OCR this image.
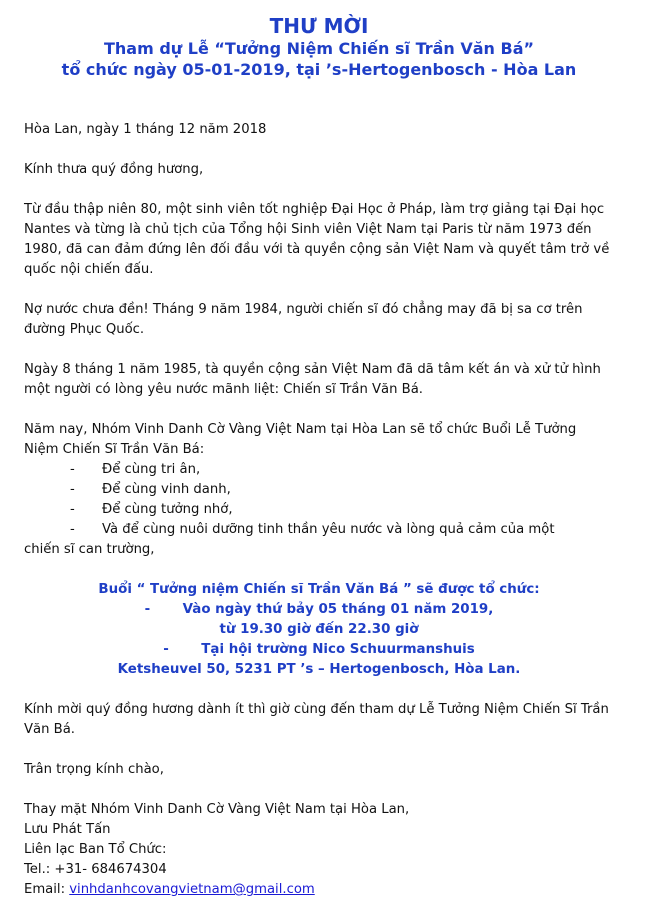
THƯ MỜI

Tham dự Lễ “Tưởng Niệm Chiến sĩ Trần Văn Bá”

tổ chức ngày 05-01-2019, tại ’s-Hertogenbosch - Hòa Lan

Hòa Lan, ngày 1 tháng 12 năm 2018

Kính thưa quý đồng hương,

Từ đầu thập niên 80, một sinh viên tốt nghiệp Đại Học ở Pháp, làm trợ giảng tại Đại học Nantes và từng là chủ tịch của Tổng hội Sinh viên Việt Nam tại Paris từ năm 1973 đến 1980, đã can đảm đứng lên đối đầu với tà quyền cộng sản Việt Nam và quyết tâm trở về quốc nội chiến đấu.

Nợ nước chưa đền! Tháng 9 năm 1984, người chiến sĩ đó chẳng may đã bị sa cơ trên đường Phục Quốc.

Ngày 8 tháng 1 năm 1985, tà quyền cộng sản Việt Nam đã dã tâm kết án và xử tử hình một người có lòng yêu nước mãnh liệt: Chiến sĩ Trần Văn Bá.

Năm nay, Nhóm Vinh Danh Cờ Vàng Việt Nam tại Hòa Lan sẽ tổ chức Buổi Lễ Tưởng Niệm Chiến Sĩ Trần Văn Bá:

-	Để cùng tri ân,
-	Để cùng vinh danh,
-	Để cùng tưởng nhớ,
-	Và để cùng nuôi dưỡng tinh thần yêu nước và lòng quả cảm của một

chiến sĩ can trường,

Buổi “ Tưởng niệm Chiến sĩ Trần Văn Bá ” sẽ được tổ chức:
- Vào ngày thứ bảy 05 tháng 01 năm 2019,
từ 19.30 giờ đến 22.30 giờ
- Tại hội trường Nico Schuurmanshuis
Ketsheuvel 50, 5231 PT ’s – Hertogenbosch, Hòa Lan.

Kính mời quý đồng hương dành ít thì giờ cùng đến tham dự Lễ Tưởng Niệm Chiến Sĩ Trần Văn Bá.

Trân trọng kính chào,

Thay mặt Nhóm Vinh Danh Cờ Vàng Việt Nam tại Hòa Lan,

Lưu Phát Tấn

Liên lạc Ban Tổ Chức:

Tel.: +31- 684674304

Email: vinhdanhcovangvietnam@gmail.com
